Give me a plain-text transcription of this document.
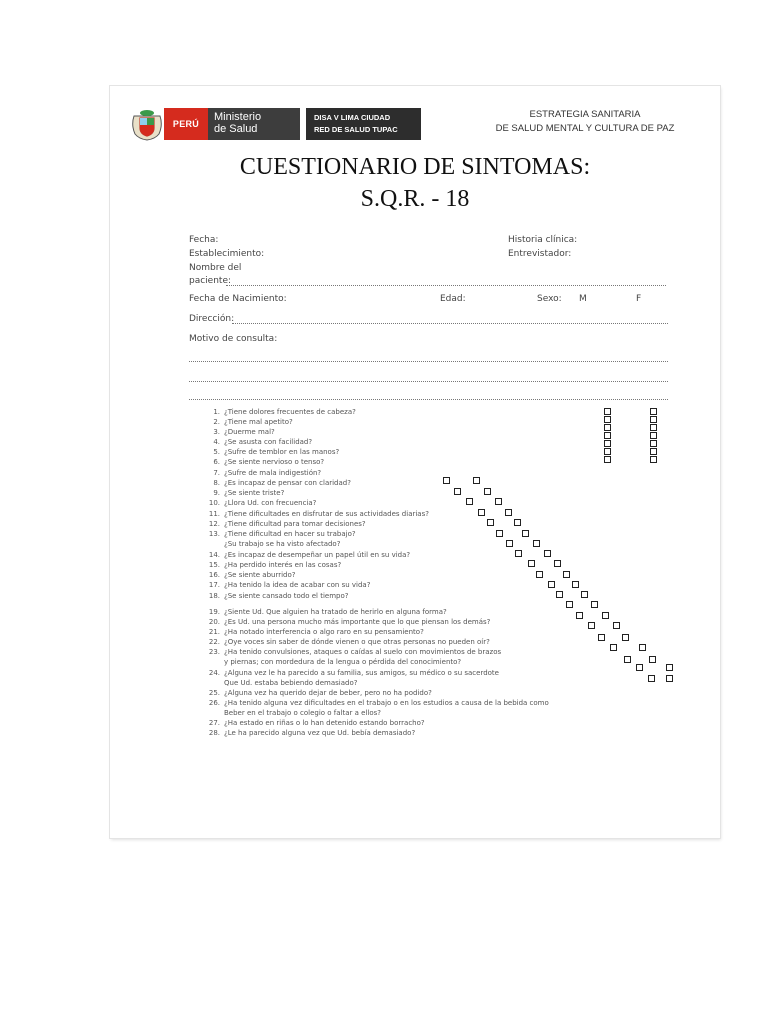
PERÚ
Ministerio
de Salud
DISA V LIMA CIUDAD
RED DE SALUD TUPAC
ESTRATEGIA SANITARIA
DE SALUD MENTAL Y CULTURA DE PAZ
CUESTIONARIO DE SINTOMAS:
S.Q.R. - 18
Fecha:	Historia clínica:
Establecimiento:	Entrevistador:
Nombre del
paciente:
Fecha de Nacimiento:	Edad:	Sexo: M	F
Dirección:
Motivo de consulta:
1. ¿Tiene dolores frecuentes de cabeza?
2. ¿Tiene mal apetito?
3. ¿Duerme mal?
4. ¿Se asusta con facilidad?
5. ¿Sufre de temblor en las manos?
6. ¿Se siente nervioso o tenso?
7. ¿Sufre de mala indigestión?
8. ¿Es incapaz de pensar con claridad?
9. ¿Se siente triste?
10. ¿Llora Ud. con frecuencia?
11. ¿Tiene dificultades en disfrutar de sus actividades diarias?
12. ¿Tiene dificultad para tomar decisiones?
13. ¿Tiene dificultad en hacer su trabajo?
¿Su trabajo se ha visto afectado?
14. ¿Es incapaz de desempeñar un papel útil en su vida?
15. ¿Ha perdido interés en las cosas?
16. ¿Se siente aburrido?
17. ¿Ha tenido la idea de acabar con su vida?
18. ¿Se siente cansado todo el tiempo?
19. ¿Siente Ud. Que alguien ha tratado de herirlo en alguna forma?
20. ¿Es Ud. una persona mucho más importante que lo que piensan los demás?
21. ¿Ha notado interferencia o algo raro en su pensamiento?
22. ¿Oye voces sin saber de dónde vienen o que otras personas no pueden oír?
23. ¿Ha tenido convulsiones, ataques o caídas al suelo con movimientos de brazos
y piernas; con mordedura de la lengua o pérdida del conocimiento?
24. ¿Alguna vez le ha parecido a su familia, sus amigos, su médico o su sacerdote
Que Ud. estaba bebiendo demasiado?
25. ¿Alguna vez ha querido dejar de beber, pero no ha podido?
26. ¿Ha tenido alguna vez dificultades en el trabajo o en los estudios a causa de la bebida como
Beber en el trabajo o colegio o faltar a ellos?
27. ¿Ha estado en riñas o lo han detenido estando borracho?
28. ¿Le ha parecido alguna vez que Ud. bebía demasiado?
